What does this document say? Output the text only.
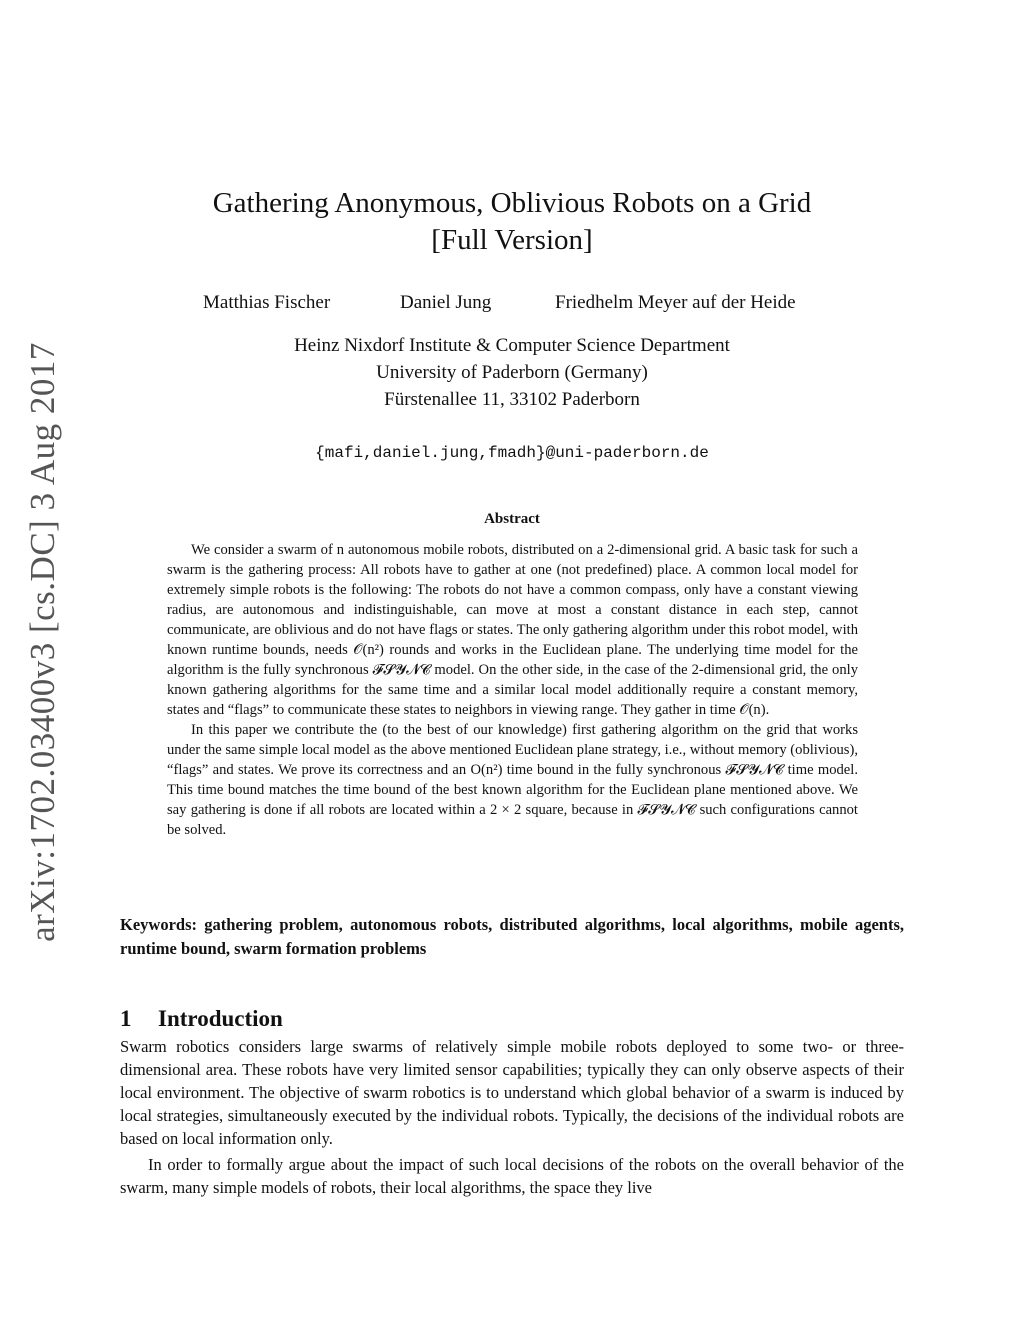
arXiv:1702.03400v3 [cs.DC] 3 Aug 2017
Gathering Anonymous, Oblivious Robots on a Grid
[Full Version]
Matthias Fischer	Daniel Jung	Friedhelm Meyer auf der Heide
Heinz Nixdorf Institute & Computer Science Department
University of Paderborn (Germany)
Fürstenallee 11, 33102 Paderborn
{mafi,daniel.jung,fmadh}@uni-paderborn.de
Abstract

We consider a swarm of n autonomous mobile robots, distributed on a 2-dimensional grid. A basic task for such a swarm is the gathering process: All robots have to gather at one (not predefined) place. A common local model for extremely simple robots is the following: The robots do not have a common compass, only have a constant viewing radius, are autonomous and indistinguishable, can move at most a constant distance in each step, cannot communicate, are oblivious and do not have flags or states. The only gathering algorithm under this robot model, with known runtime bounds, needs 𝒪(n²) rounds and works in the Euclidean plane. The underlying time model for the algorithm is the fully synchronous 𝓕𝓢𝓨𝓝𝓒 model. On the other side, in the case of the 2-dimensional grid, the only known gathering algorithms for the same time and a similar local model additionally require a constant memory, states and “flags” to communicate these states to neighbors in viewing range. They gather in time 𝒪(n).

In this paper we contribute the (to the best of our knowledge) first gathering algorithm on the grid that works under the same simple local model as the above mentioned Euclidean plane strategy, i.e., without memory (oblivious), “flags” and states. We prove its correctness and an O(n²) time bound in the fully synchronous 𝓕𝓢𝓨𝓝𝓒 time model. This time bound matches the time bound of the best known algorithm for the Euclidean plane mentioned above. We say gathering is done if all robots are located within a 2 × 2 square, because in 𝓕𝓢𝓨𝓝𝓒 such configurations cannot be solved.

Keywords: gathering problem, autonomous robots, distributed algorithms, local algorithms, mobile agents, runtime bound, swarm formation problems
1 Introduction

Swarm robotics considers large swarms of relatively simple mobile robots deployed to some two- or three-dimensional area. These robots have very limited sensor capabilities; typically they can only observe aspects of their local environment. The objective of swarm robotics is to understand which global behavior of a swarm is induced by local strategies, simultaneously executed by the individual robots. Typically, the decisions of the individual robots are based on local information only.

In order to formally argue about the impact of such local decisions of the robots on the overall behavior of the swarm, many simple models of robots, their local algorithms, the space they live
